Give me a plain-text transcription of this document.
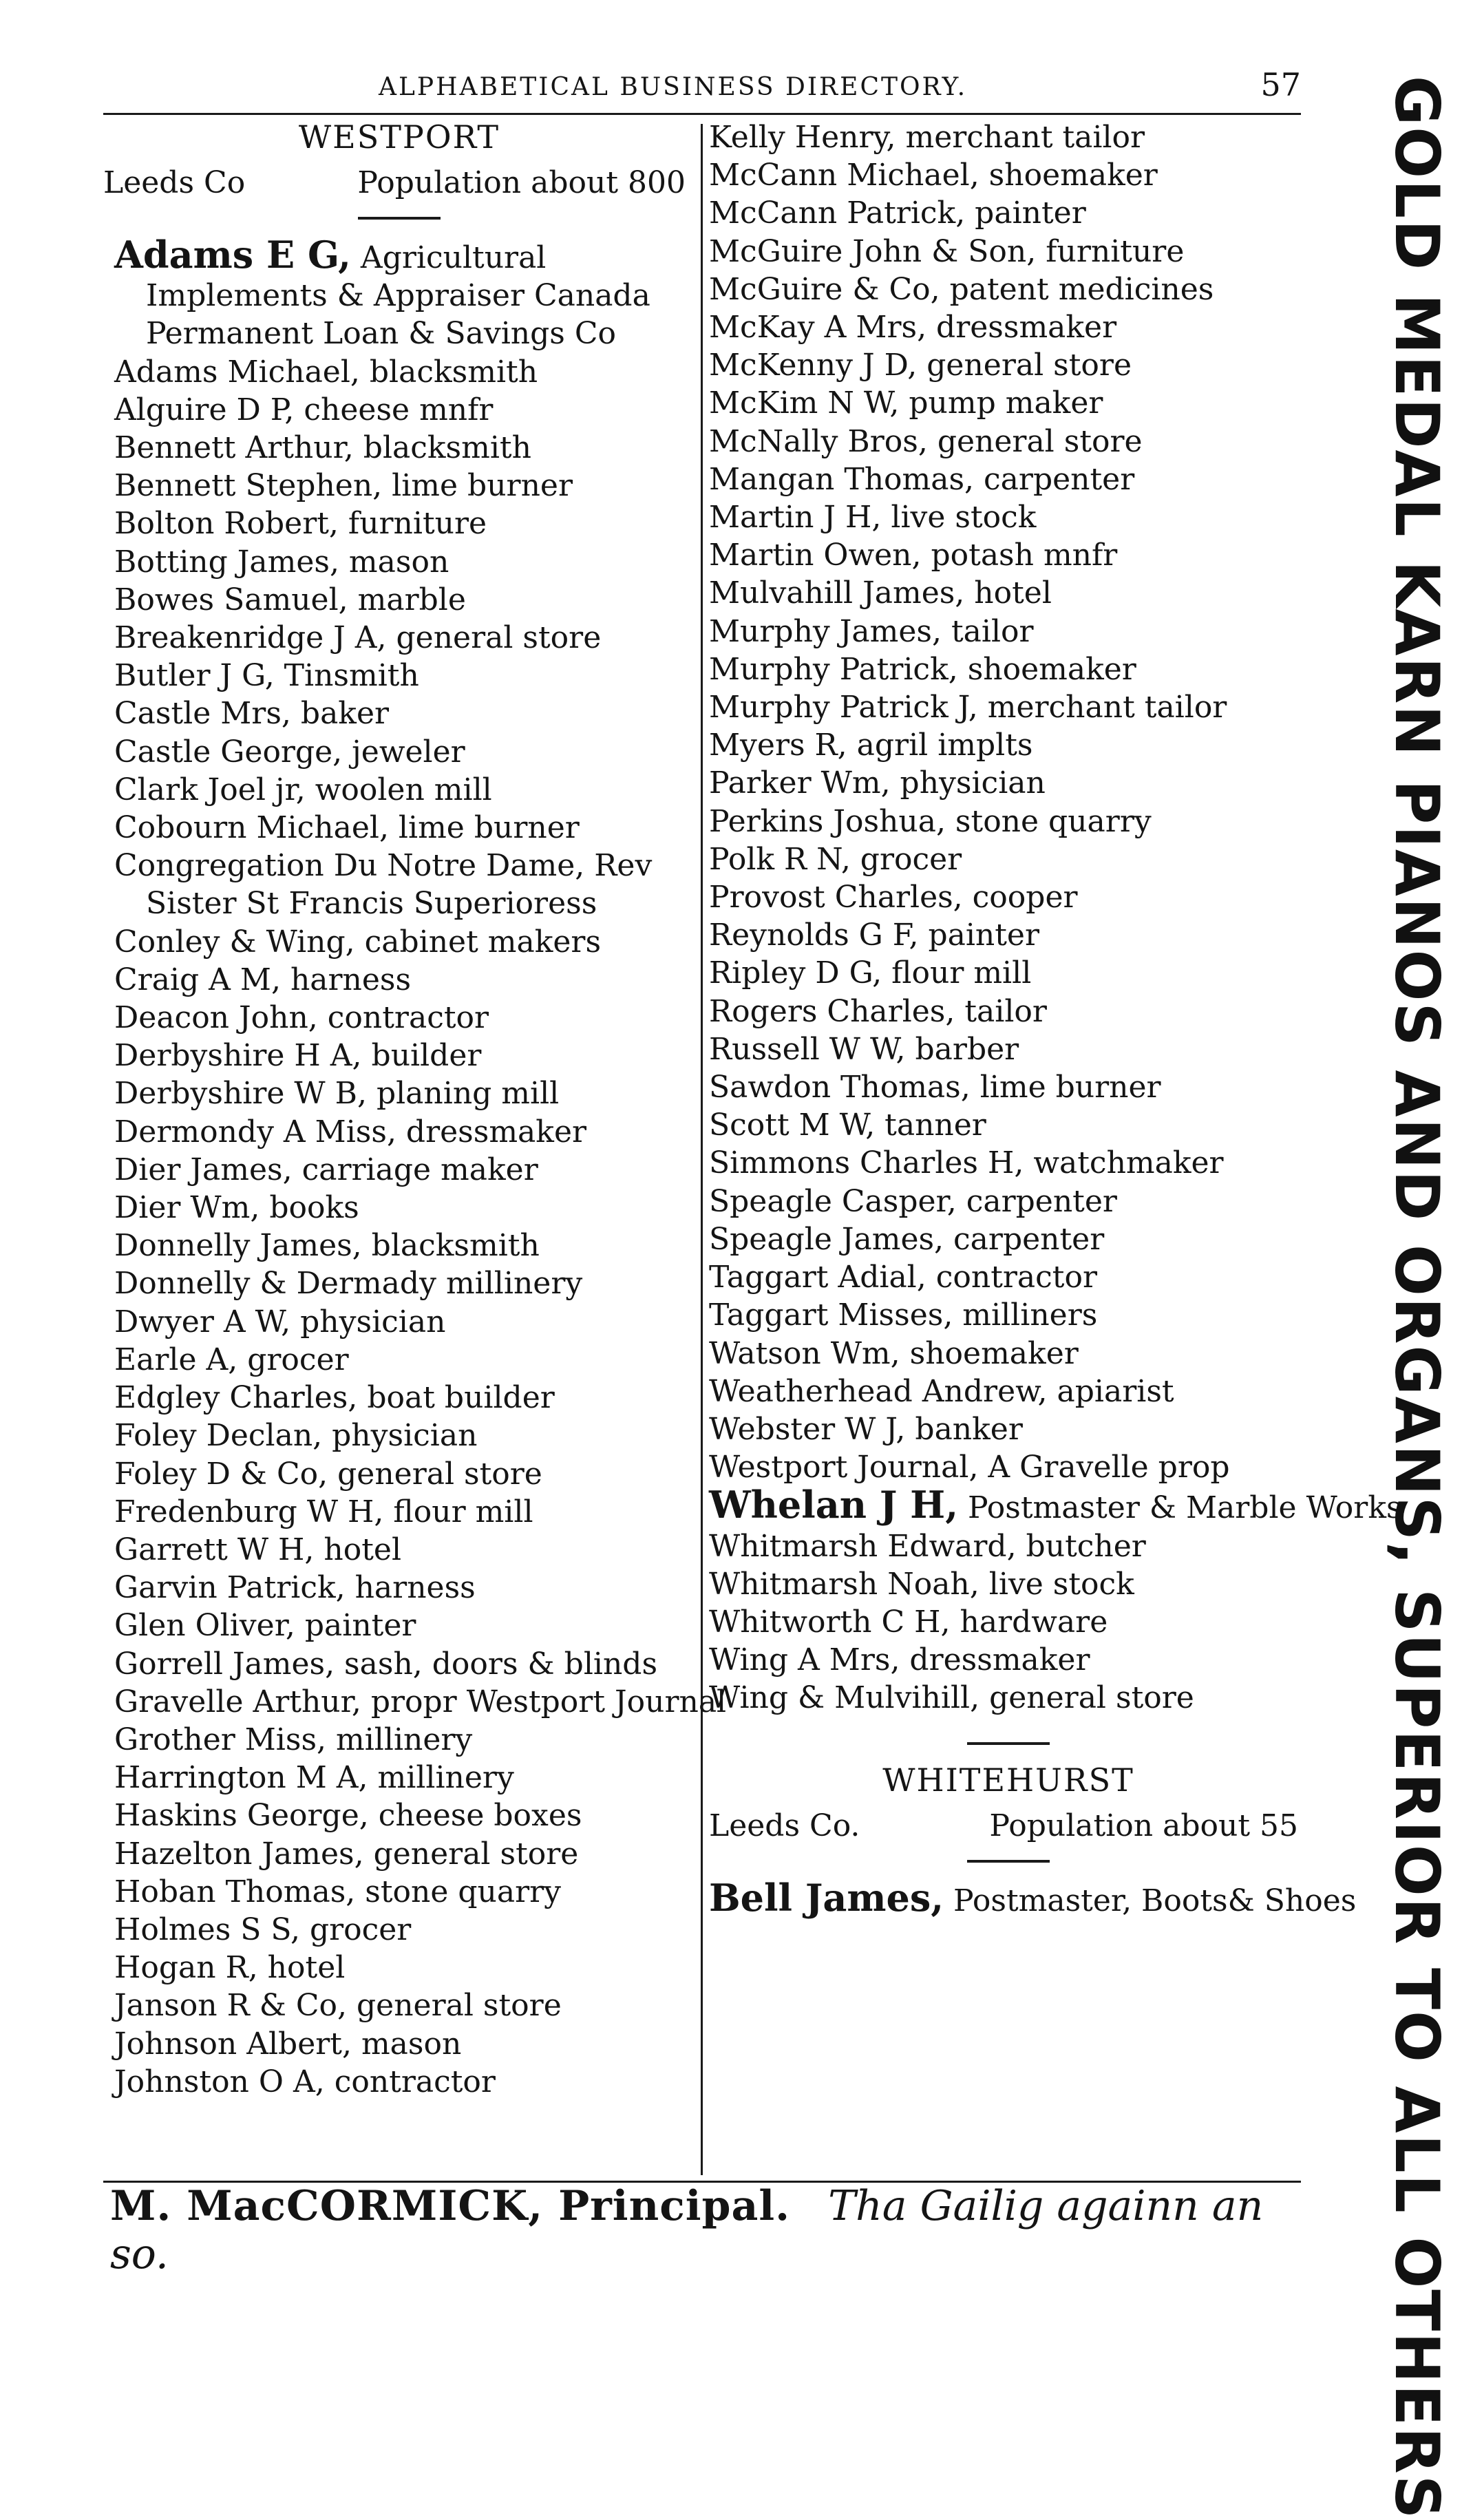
ALPHABETICAL BUSINESS DIRECTORY.	57
WESTPORT
Leeds Co	Population about 800
Adams E G, Agricultural Implements & Appraiser Canada Permanent Loan & Savings Co
Adams Michael, blacksmith
Alguire D P, cheese mnfr
Bennett Arthur, blacksmith
Bennett Stephen, lime burner
Bolton Robert, furniture
Botting James, mason
Bowes Samuel, marble
Breakenridge J A, general store
Butler J G, Tinsmith
Castle Mrs, baker
Castle George, jeweler
Clark Joel jr, woolen mill
Cobourn Michael, lime burner
Congregation Du Notre Dame, Rev Sister St Francis Superioress
Conley & Wing, cabinet makers
Craig A M, harness
Deacon John, contractor
Derbyshire H A, builder
Derbyshire W B, planing mill
Dermondy A Miss, dressmaker
Dier James, carriage maker
Dier Wm, books
Donnelly James, blacksmith
Donnelly & Dermady millinery
Dwyer A W, physician
Earle A, grocer
Edgley Charles, boat builder
Foley Declan, physician
Foley D & Co, general store
Fredenburg W H, flour mill
Garrett W H, hotel
Garvin Patrick, harness
Glen Oliver, painter
Gorrell James, sash, doors & blinds
Gravelle Arthur, propr Westport Journal
Grother Miss, millinery
Harrington M A, millinery
Haskins George, cheese boxes
Hazelton James, general store
Hoban Thomas, stone quarry
Holmes S S, grocer
Hogan R, hotel
Janson R & Co, general store
Johnson Albert, mason
Johnston O A, contractor
Kelly Henry, merchant tailor
McCann Michael, shoemaker
McCann Patrick, painter
McGuire John & Son, furniture
McGuire & Co, patent medicines
McKay A Mrs, dressmaker
McKenny J D, general store
McKim N W, pump maker
McNally Bros, general store
Mangan Thomas, carpenter
Martin J H, live stock
Martin Owen, potash mnfr
Mulvahill James, hotel
Murphy James, tailor
Murphy Patrick, shoemaker
Murphy Patrick J, merchant tailor
Myers R, agril implts
Parker Wm, physician
Perkins Joshua, stone quarry
Polk R N, grocer
Provost Charles, cooper
Reynolds G F, painter
Ripley D G, flour mill
Rogers Charles, tailor
Russell W W, barber
Sawdon Thomas, lime burner
Scott M W, tanner
Simmons Charles H, watchmaker
Speagle Casper, carpenter
Speagle James, carpenter
Taggart Adial, contractor
Taggart Misses, milliners
Watson Wm, shoemaker
Weatherhead Andrew, apiarist
Webster W J, banker
Westport Journal, A Gravelle prop
Whelan J H, Postmaster & Marble Works
Whitmarsh Edward, butcher
Whitmarsh Noah, live stock
Whitworth C H, hardware
Wing A Mrs, dressmaker
Wing & Mulvihill, general store
WHITEHURST
Leeds Co.	Population about 55
Bell James, Postmaster, Boots& Shoes GOLD MEDAL KARN PIANOS AND ORGANS, SUPERIOR TO ALL OTHERS
M. MacCORMICK, Principal. Tha Gailig againn an so.
